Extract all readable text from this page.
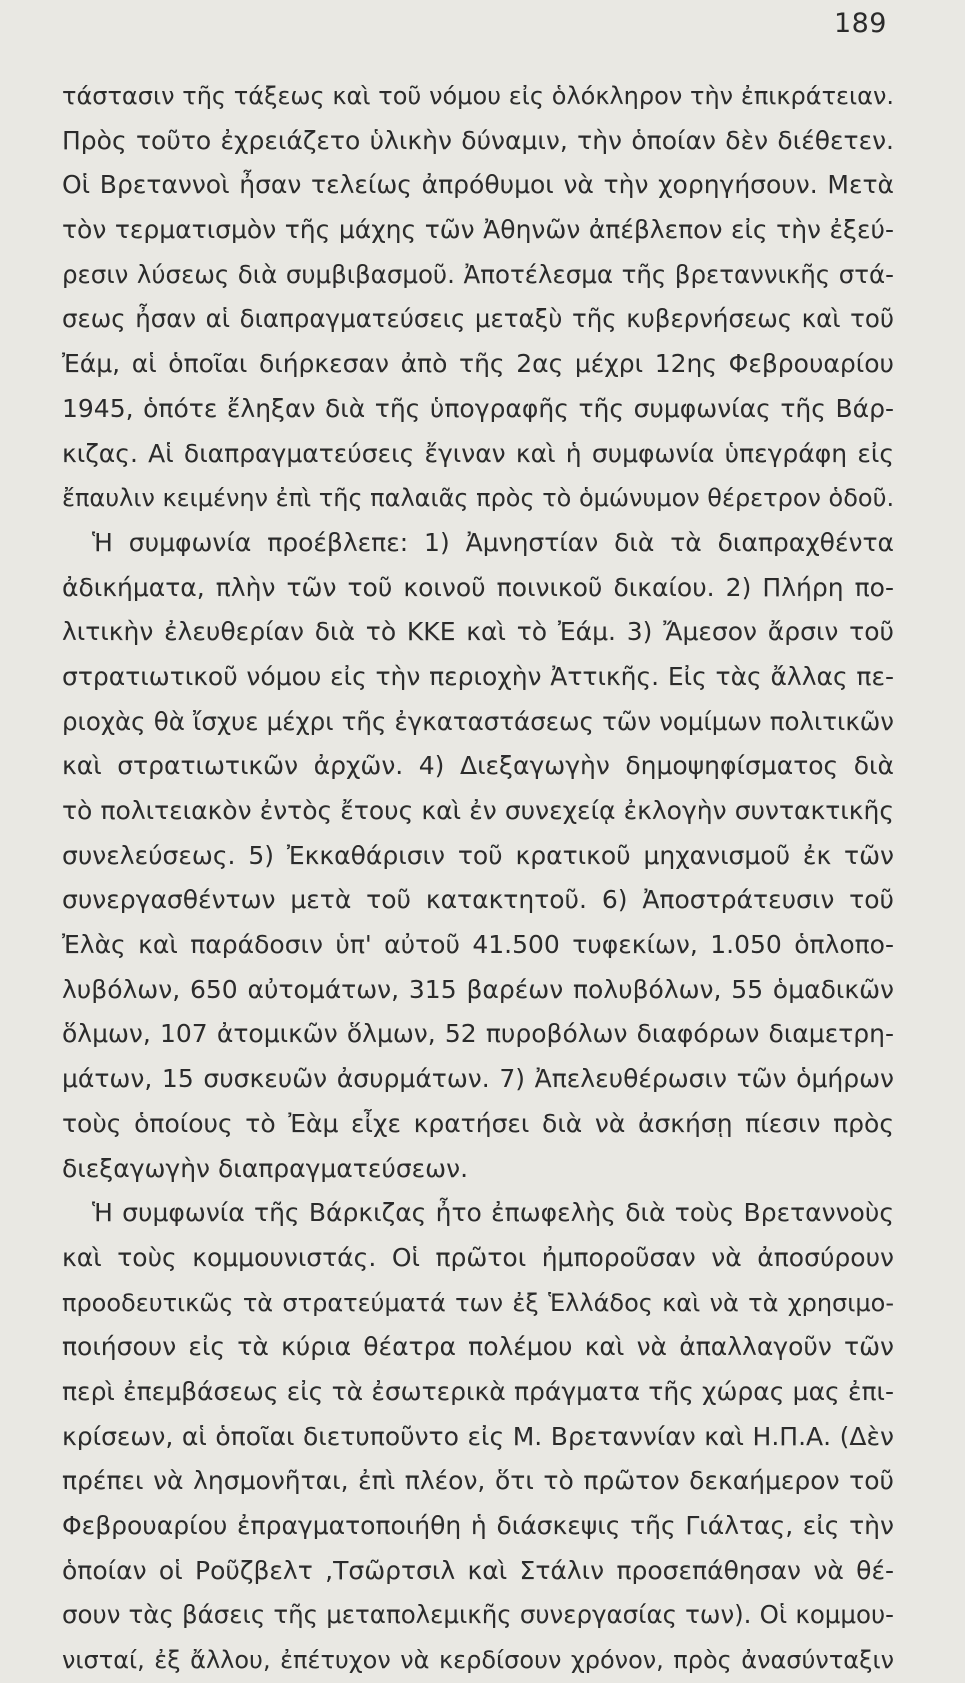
189
τάστασιν τῆς τάξεως καὶ τοῦ νόμου εἰς ὁλόκληρον τὴν ἐπικράτειαν.
Πρὸς τοῦτο ἐχρειάζετο ὑλικὴν δύναμιν, τὴν ὁποίαν δὲν διέθετεν.
Οἱ Βρεταννοὶ ἦσαν τελείως ἀπρόθυμοι νὰ τὴν χορηγήσουν. Μετὰ
τὸν τερματισμὸν τῆς μάχης τῶν Ἀθηνῶν ἀπέβλεπον εἰς τὴν ἐξεύ-
ρεσιν λύσεως διὰ συμβιβασμοῦ. Ἀποτέλεσμα τῆς βρεταννικῆς στά-
σεως ἦσαν αἱ διαπραγματεύσεις μεταξὺ τῆς κυβερνήσεως καὶ τοῦ
Ἐάμ, αἱ ὁποῖαι διήρκεσαν ἀπὸ τῆς 2ας μέχρι 12ης Φεβρουαρίου
1945, ὁπότε ἔληξαν διὰ τῆς ὑπογραφῆς τῆς συμφωνίας τῆς Βάρ-
κιζας. Αἱ διαπραγματεύσεις ἔγιναν καὶ ἡ συμφωνία ὑπεγράφη εἰς
ἔπαυλιν κειμένην ἐπὶ τῆς παλαιᾶς πρὸς τὸ ὁμώνυμον θέρετρον ὁδοῦ.
Ἡ συμφωνία προέβλεπε: 1) Ἀμνηστίαν διὰ τὰ διαπραχθέντα
ἀδικήματα, πλὴν τῶν τοῦ κοινοῦ ποινικοῦ δικαίου. 2) Πλήρη πο-
λιτικὴν ἐλευθερίαν διὰ τὸ ΚΚΕ καὶ τὸ Ἐάμ. 3) Ἄμεσον ἄρσιν τοῦ
στρατιωτικοῦ νόμου εἰς τὴν περιοχὴν Ἀττικῆς. Εἰς τὰς ἄλλας πε-
ριοχὰς θὰ ἴσχυε μέχρι τῆς ἐγκαταστάσεως τῶν νομίμων πολιτικῶν
καὶ στρατιωτικῶν ἀρχῶν. 4) Διεξαγωγὴν δημοψηφίσματος διὰ
τὸ πολιτειακὸν ἐντὸς ἔτους καὶ ἐν συνεχείᾳ ἐκλογὴν συντακτικῆς
συνελεύσεως. 5) Ἐκκαθάρισιν τοῦ κρατικοῦ μηχανισμοῦ ἐκ τῶν
συνεργασθέντων μετὰ τοῦ κατακτητοῦ. 6) Ἀποστράτευσιν τοῦ
Ἐλὰς καὶ παράδοσιν ὑπ' αὐτοῦ 41.500 τυφεκίων, 1.050 ὁπλοπο-
λυβόλων, 650 αὐτομάτων, 315 βαρέων πολυβόλων, 55 ὁμαδικῶν
ὅλμων, 107 ἀτομικῶν ὅλμων, 52 πυροβόλων διαφόρων διαμετρη-
μάτων, 15 συσκευῶν ἀσυρμάτων. 7) Ἀπελευθέρωσιν τῶν ὁμήρων
τοὺς ὁποίους τὸ Ἐὰμ εἶχε κρατήσει διὰ νὰ ἀσκήσῃ πίεσιν πρὸς
διεξαγωγὴν διαπραγματεύσεων.
Ἡ συμφωνία τῆς Βάρκιζας ἦτο ἐπωφελὴς διὰ τοὺς Βρεταννοὺς
καὶ τοὺς κομμουνιστάς. Οἱ πρῶτοι ἠμποροῦσαν νὰ ἀποσύρουν
προοδευτικῶς τὰ στρατεύματά των ἐξ Ἑλλάδος καὶ νὰ τὰ χρησιμο-
ποιήσουν εἰς τὰ κύρια θέατρα πολέμου καὶ νὰ ἀπαλλαγοῦν τῶν
περὶ ἐπεμβάσεως εἰς τὰ ἐσωτερικὰ πράγματα τῆς χώρας μας ἐπι-
κρίσεων, αἱ ὁποῖαι διετυποῦντο εἰς Μ. Βρεταννίαν καὶ Η.Π.Α. (Δὲν
πρέπει νὰ λησμονῆται, ἐπὶ πλέον, ὅτι τὸ πρῶτον δεκαήμερον τοῦ
Φεβρουαρίου ἐπραγματοποιήθη ἡ διάσκεψις τῆς Γιάλτας, εἰς τὴν
ὁποίαν οἱ Ροῦζβελτ ,Τσῶρτσιλ καὶ Στάλιν προσεπάθησαν νὰ θέ-
σουν τὰς βάσεις τῆς μεταπολεμικῆς συνεργασίας των). Οἱ κομμου-
νισταί, ἐξ ἄλλου, ἐπέτυχον νὰ κερδίσουν χρόνον, πρὸς ἀνασύνταξιν
